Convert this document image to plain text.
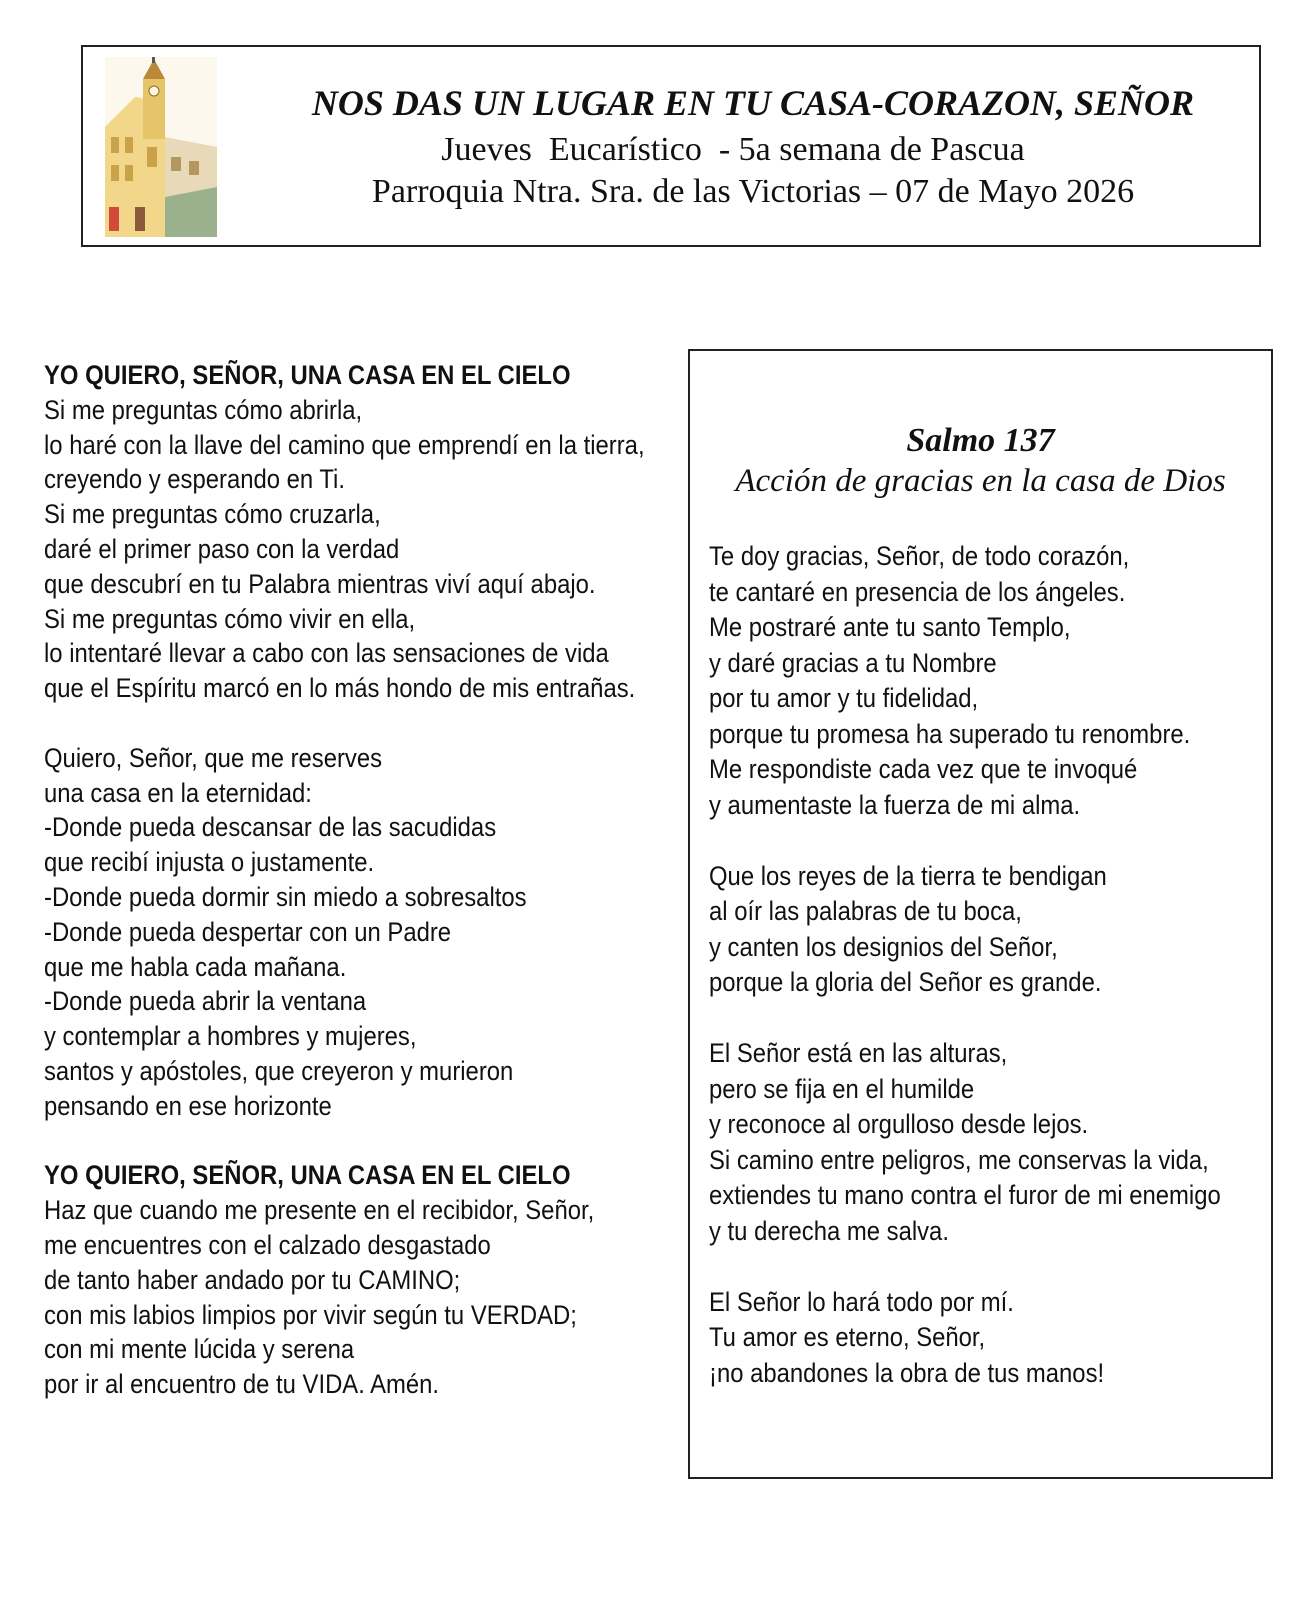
NOS DAS UN LUGAR EN TU CASA-CORAZON, SEÑOR
Jueves  Eucarístico  - 5a semana de Pascua
Parroquia Ntra. Sra. de las Victorias – 07 de Mayo 2026
YO QUIERO, SEÑOR, UNA CASA EN EL CIELO
Si me preguntas cómo abrirla,
lo haré con la llave del camino que emprendí en la tierra,
creyendo y esperando en Ti.
Si me preguntas cómo cruzarla,
daré el primer paso con la verdad
que descubrí en tu Palabra mientras viví aquí abajo.
Si me preguntas cómo vivir en ella,
lo intentaré llevar a cabo con las sensaciones de vida
que el Espíritu marcó en lo más hondo de mis entrañas.
Quiero, Señor, que me reserves
una casa en la eternidad:
-Donde pueda descansar de las sacudidas
que recibí injusta o justamente.
-Donde pueda dormir sin miedo a sobresaltos
-Donde pueda despertar con un Padre
que me habla cada mañana.
-Donde pueda abrir la ventana
y contemplar a hombres y mujeres,
santos y apóstoles, que creyeron y murieron
pensando en ese horizonte
YO QUIERO, SEÑOR, UNA CASA EN EL CIELO
Haz que cuando me presente en el recibidor, Señor,
me encuentres con el calzado desgastado
de tanto haber andado por tu CAMINO;
con mis labios limpios por vivir según tu VERDAD;
con mi mente lúcida y serena
por ir al encuentro de tu VIDA. Amén.
Salmo 137
Acción de gracias en la casa de Dios
Te doy gracias, Señor, de todo corazón,
te cantaré en presencia de los ángeles.
Me postraré ante tu santo Templo,
y daré gracias a tu Nombre
por tu amor y tu fidelidad,
porque tu promesa ha superado tu renombre.
Me respondiste cada vez que te invoqué
y aumentaste la fuerza de mi alma.
Que los reyes de la tierra te bendigan
al oír las palabras de tu boca,
y canten los designios del Señor,
porque la gloria del Señor es grande.
El Señor está en las alturas,
pero se fija en el humilde
y reconoce al orgulloso desde lejos.
Si camino entre peligros, me conservas la vida,
extiendes tu mano contra el furor de mi enemigo
y tu derecha me salva.
El Señor lo hará todo por mí.
Tu amor es eterno, Señor,
¡no abandones la obra de tus manos!
